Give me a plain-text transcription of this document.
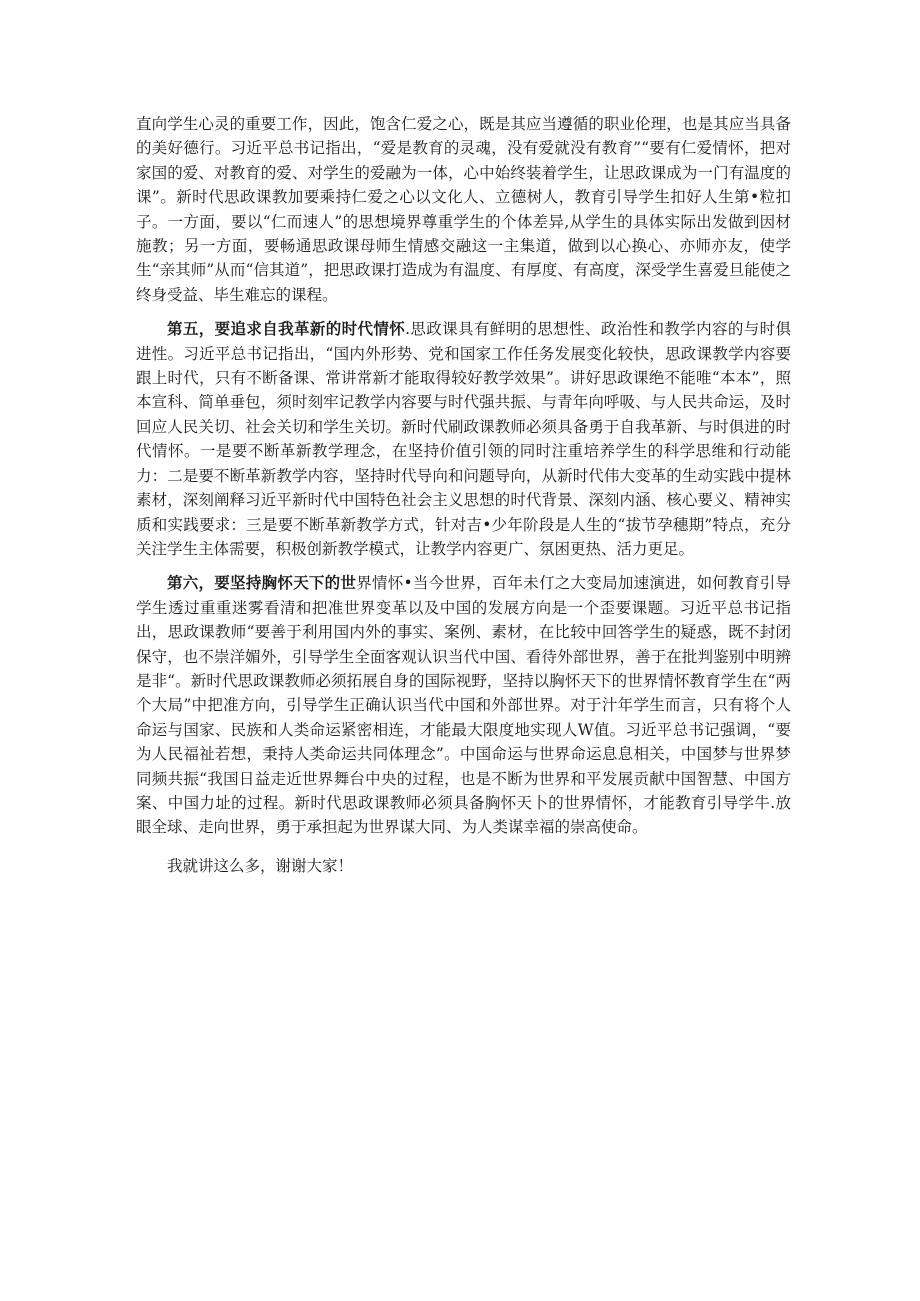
直向学生心灵的重要工作，因此，饱含仁爱之心，既是其应当遵循的职业伦理，也是其应当具备的美好德行。习近平总书记指出，“爱是教育的灵魂，没有爱就没有教育”“要有仁爱情怀，把对家国的爱、对教育的爱、对学生的爱融为一体，心中始终装着学生，让思政课成为一门有温度的课”。新时代思政课教加要乘持仁爱之心以文化人、立德树人，教育引导学生扣好人生第•粒扣子。一方面，要以“仁而速人”的思想境界尊重学生的个体差异,从学生的具体实际出发做到因材施教；另一方面，要畅通思政课母师生情感交融这一主集道，做到以心换心、亦师亦友，使学生“亲其师”从而“信其道”，把思政课打造成为有温度、有厚度、有高度，深受学生喜爱旦能使之终身受益、毕生难忘的课程。

第五，要追求自我革新的时代情怀.思政课具有鲜明的思想性、政治性和教学内容的与时俱进性。习近平总书记指出，“国内外形势、党和国家工作任务发展变化较快，思政课教学内容要跟上时代，只有不断备课、常讲常新才能取得较好教学效果”。讲好思政课绝不能唯“本本”，照本宣科、简单垂包，须时刻牢记教学内容要与时代强共振、与青年向呼吸、与人民共命运，及时回应人民关切、社会关切和学生关切。新时代刷政课教师必须具备勇于自我革新、与时俱进的时代情怀。一是要不断革新教学理念，在坚持价值引领的同时注重培养学生的科学思维和行动能力：二是要不断革新教学内容，坚持时代导向和问题导向，从新时代伟大变革的生动实践中提林素材，深刻阐释习近平新时代中国特色社会主义思想的时代背景、深刻内涵、核心要义、精神实质和实践要求：三是要不断革新教学方式，针对吉•少年阶段是人生的“拔节孕穗期”特点，充分关注学生主体需要，积极创新教学模式，让教学内容更广、氛困更热、活力更足。

第六，要坚持胸怀天下的世界情怀•当今世界，百年未仃之大变局加速演进，如何教育引导学生透过重重迷雾看清和把准世界变革以及中国的发展方向是一个歪要课题。习近平总书记指出，思政课教师“要善于利用国内外的事实、案例、素材，在比较中回答学生的疑惑，既不封闭保守，也不崇洋媚外，引导学生全面客观认识当代中国、看待外部世界，善于在批判鉴别中明辨是非“。新时代思政课教师必须拓展自身的国际视野，坚持以胸怀天下的世界情怀教育学生在“两个大局”中把准方向，引导学生正确认识当代中国和外部世界。对于汁年学生而言，只有将个人命运与国家、民族和人类命运紧密相连，才能最大限度地实现人W值。习近平总书记强调，“要为人民福祉若想，秉持人类命运共同体理念”。中国命运与世界命运息息相关，中国梦与世界梦同频共振“我国日益走近世界舞台中央的过程，也是不断为世界和平发展贡献中国智慧、中国方案、中国力址的过程。新时代思政课教师必须具备胸怀天卜的世界情怀，才能教育引导学牛.放眼全球、走向世界，勇于承担起为世界谋大同、为人类谋幸福的崇高使命。

我就讲这么多，谢谢大家！
